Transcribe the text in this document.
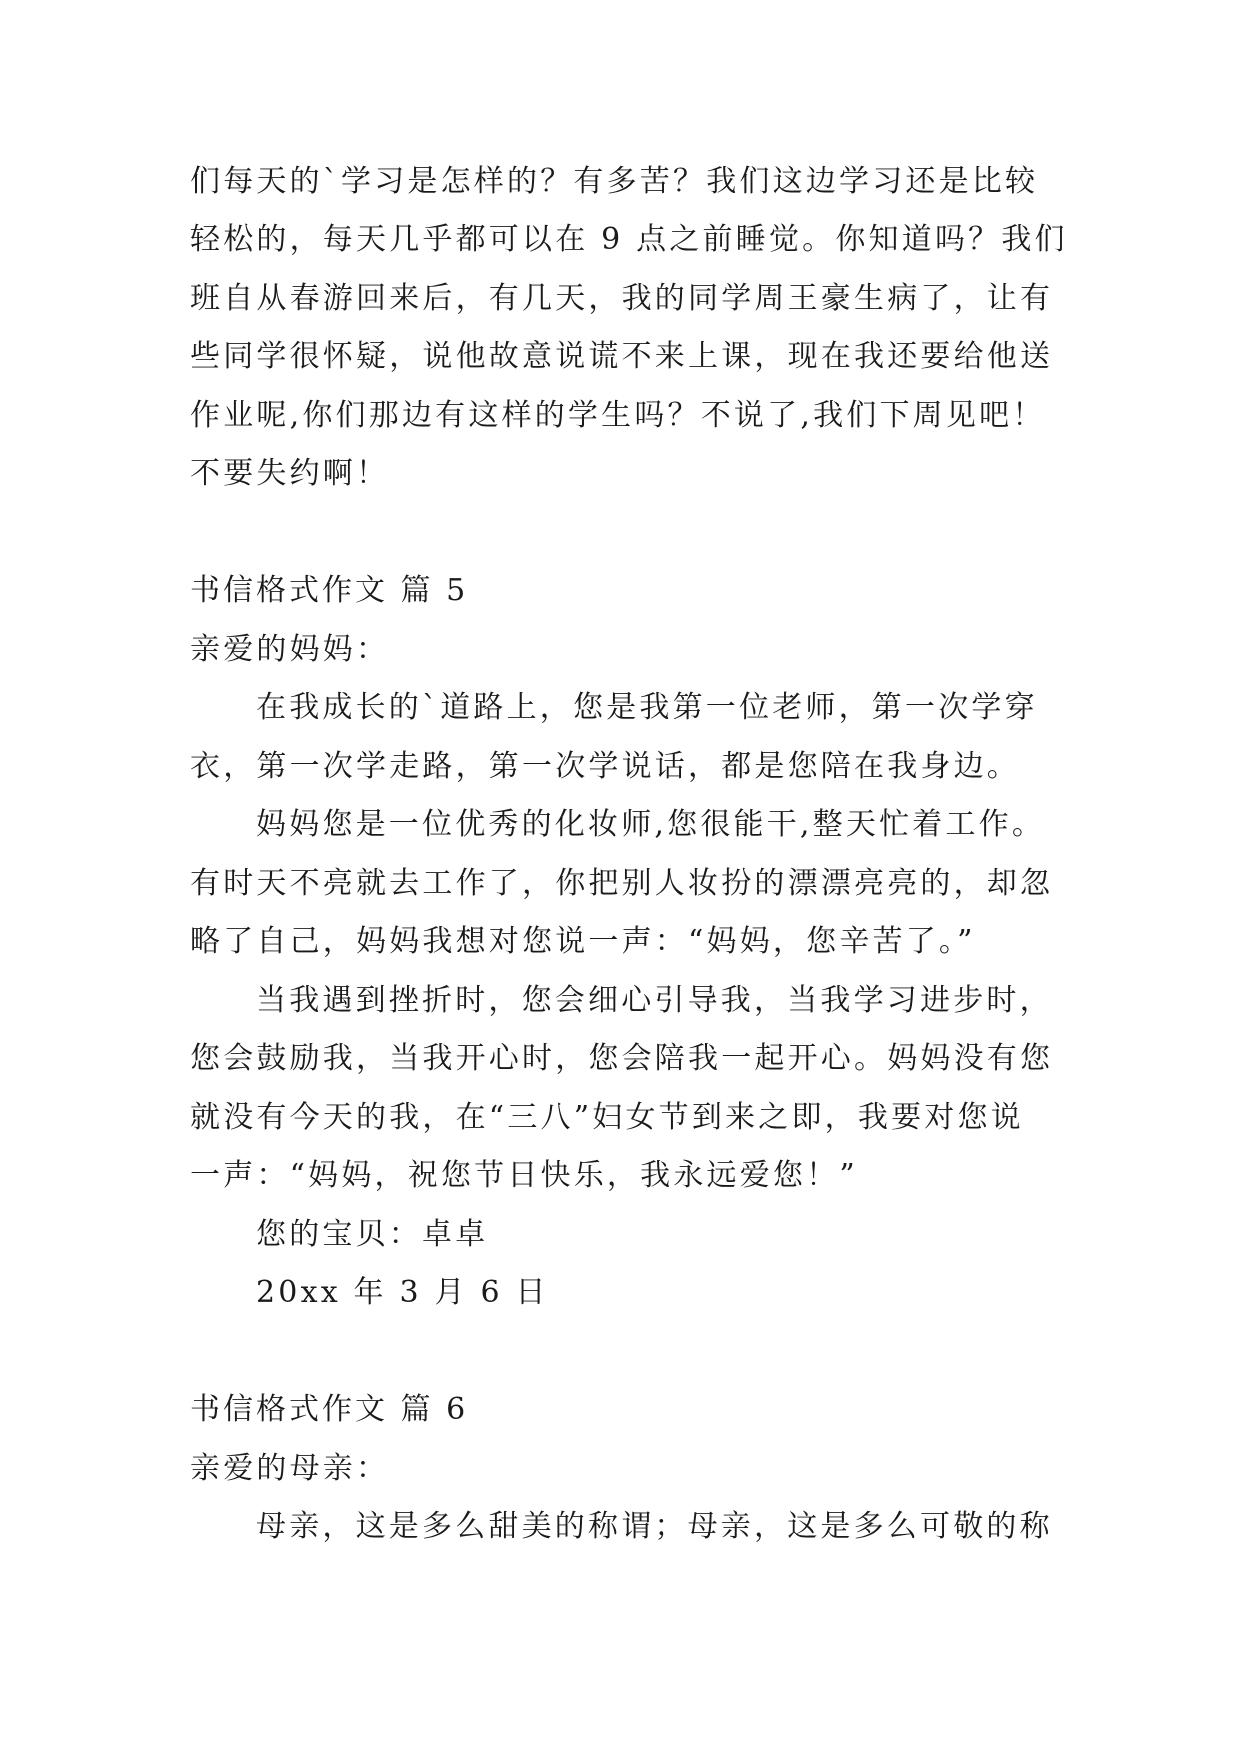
们每天的`学习是怎样的？有多苦？我们这边学习还是比较
轻松的，每天几乎都可以在 9 点之前睡觉。你知道吗？我们
班自从春游回来后，有几天，我的同学周王豪生病了，让有
些同学很怀疑，说他故意说谎不来上课，现在我还要给他送
作业呢,你们那边有这样的学生吗？不说了,我们下周见吧！
不要失约啊！
书信格式作文 篇 5
亲爱的妈妈：
在我成长的`道路上，您是我第一位老师，第一次学穿
衣，第一次学走路，第一次学说话，都是您陪在我身边。
妈妈您是一位优秀的化妆师,您很能干,整天忙着工作。
有时天不亮就去工作了，你把别人妆扮的漂漂亮亮的，却忽
略了自己，妈妈我想对您说一声：“妈妈，您辛苦了。”
当我遇到挫折时，您会细心引导我，当我学习进步时，
您会鼓励我，当我开心时，您会陪我一起开心。妈妈没有您
就没有今天的我，在“三八”妇女节到来之即，我要对您说
一声：“妈妈，祝您节日快乐，我永远爱您！”
您的宝贝：卓卓
20xx 年 3 月 6 日
书信格式作文 篇 6
亲爱的母亲：
母亲，这是多么甜美的称谓；母亲，这是多么可敬的称
